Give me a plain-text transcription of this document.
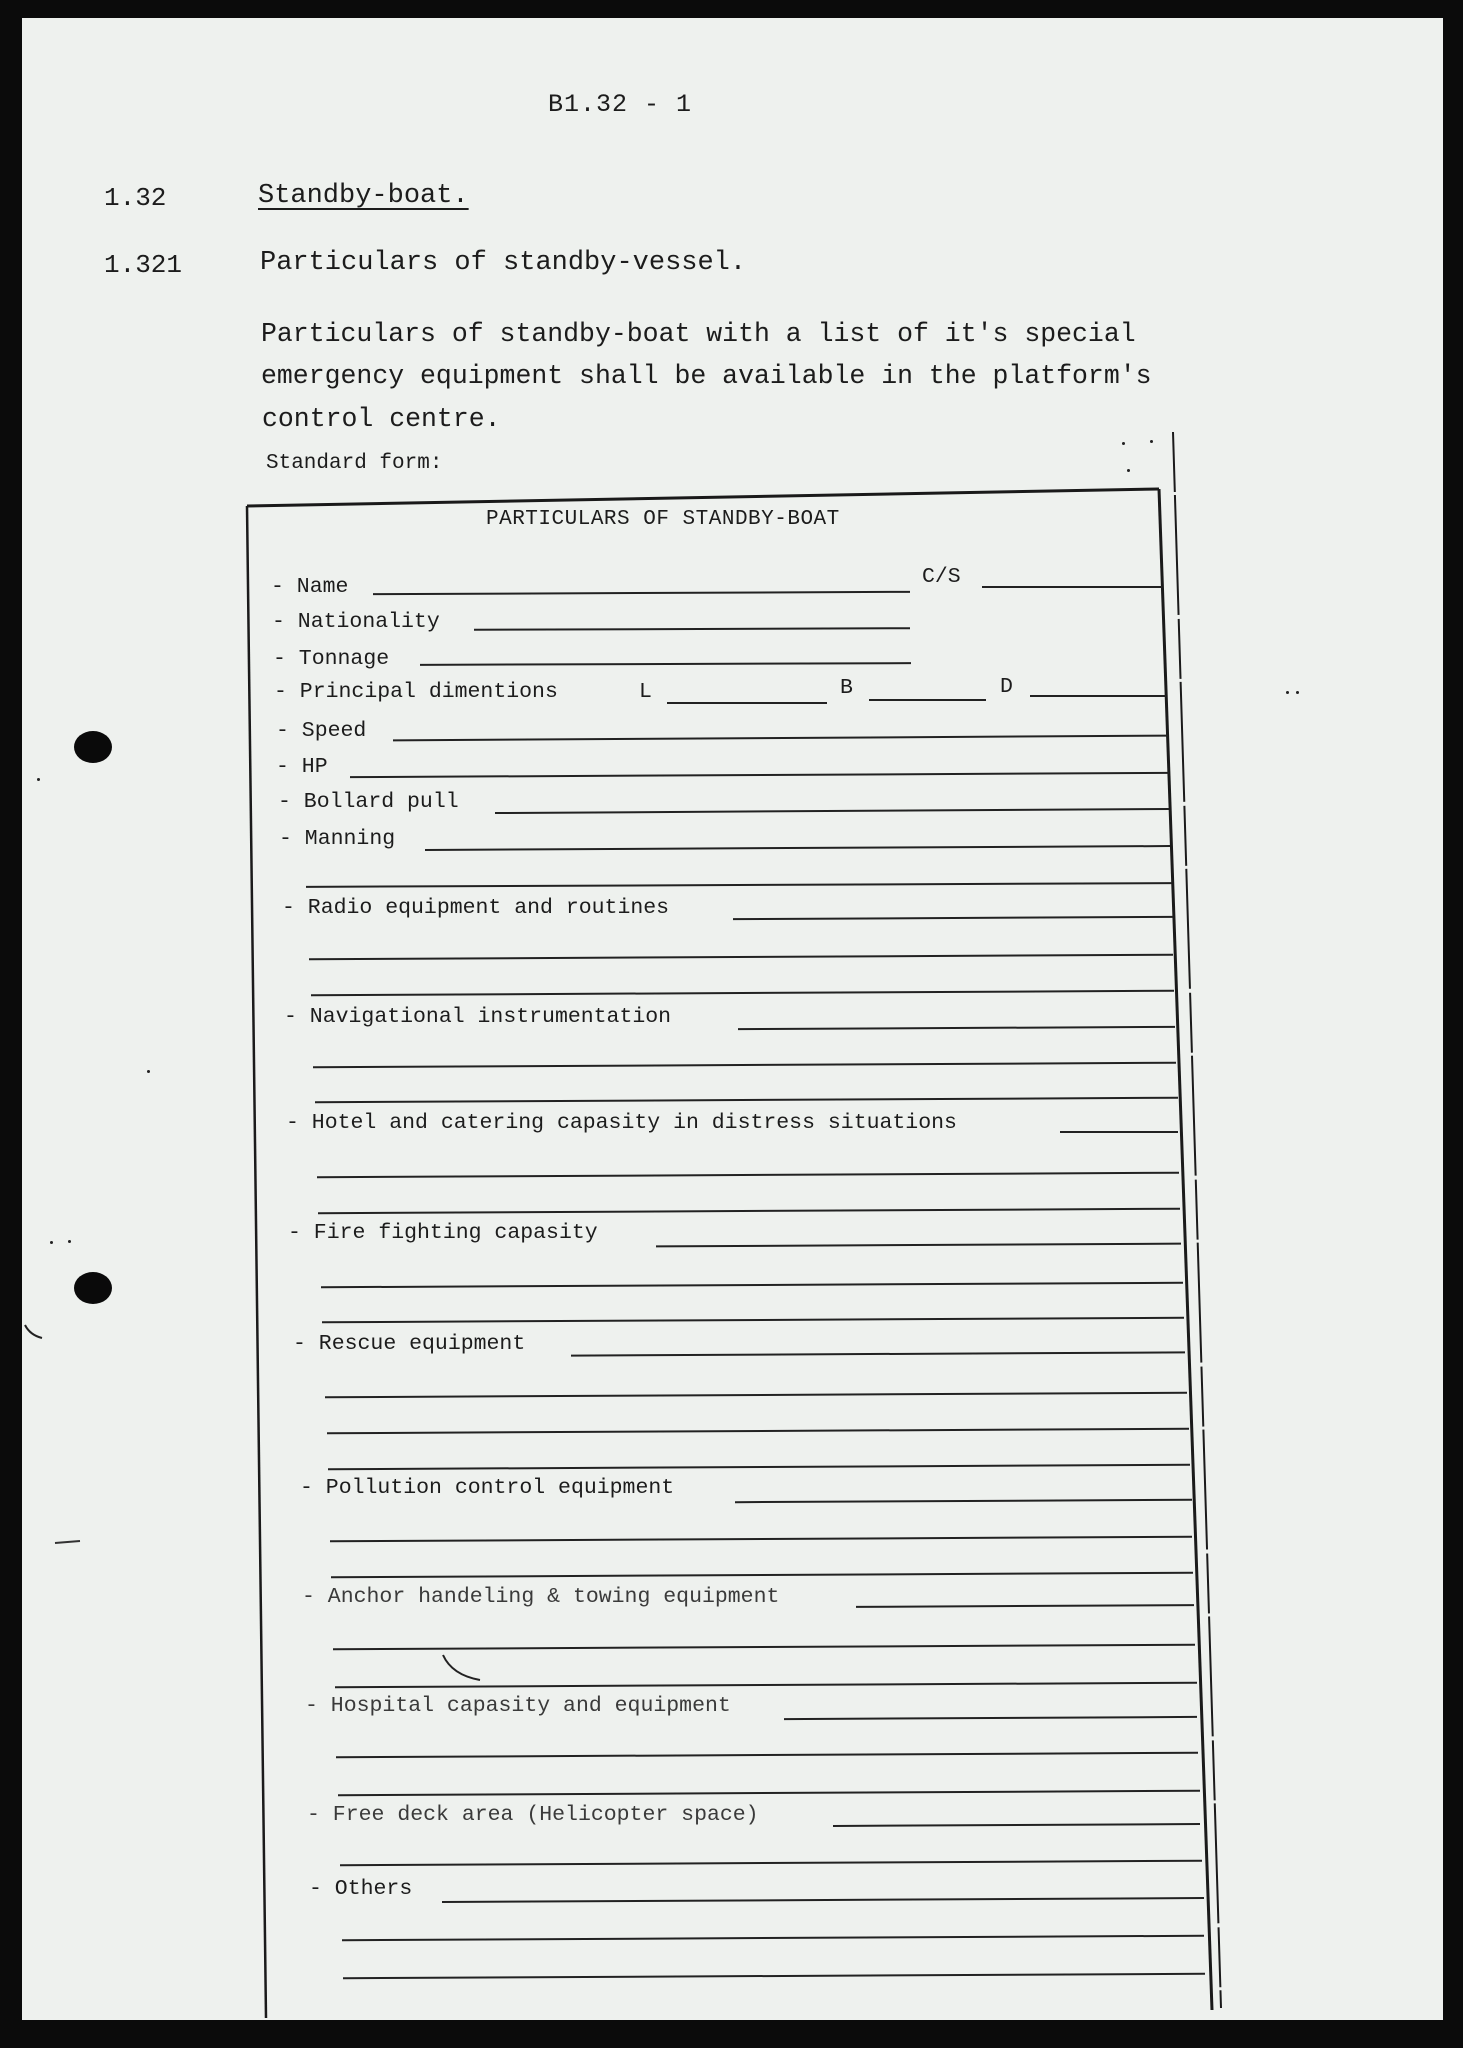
B1.32 - 1
1.32	Standby-boat.
1.321	Particulars of standby-vessel.
Particulars of standby-boat with a list of it's special
emergency equipment shall be available in the platform's
control centre.
Standard form:
PARTICULARS OF STANDBY-BOAT
- Name	C/S
- Nationality
- Tonnage
- Principal dimentions	L	B	D
- Speed
- HP
- Bollard pull
- Manning
- Radio equipment and routines
- Navigational instrumentation
- Hotel and catering capasity in distress situations
- Fire fighting capasity
- Rescue equipment
- Pollution control equipment
- Anchor handeling & towing equipment
- Hospital capasity and equipment
- Free deck area (Helicopter space)
- Others
